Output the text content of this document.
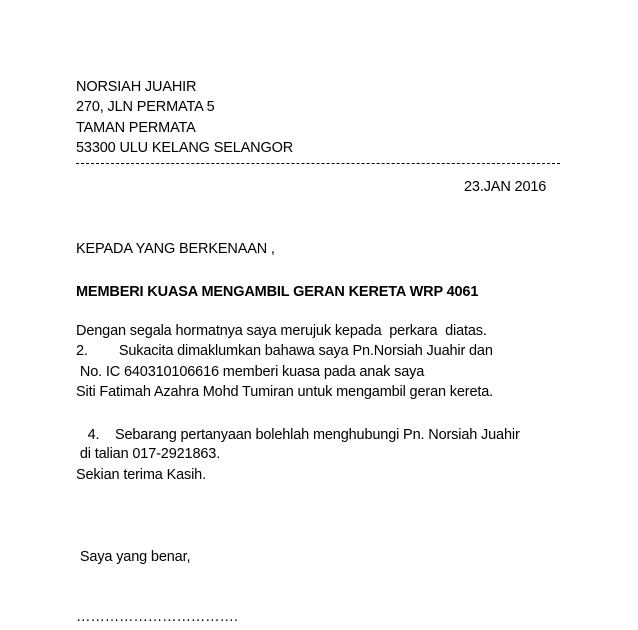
NORSIAH JUAHIR
270, JLN PERMATA 5
TAMAN PERMATA
53300 ULU KELANG SELANGOR
23.JAN 2016
KEPADA YANG BERKENAAN ,
MEMBERI KUASA MENGAMBIL GERAN KERETA WRP 4061
Dengan segala hormatnya saya merujuk kepada  perkara  diatas.
2.        Sukacita dimaklumkan bahawa saya Pn.Norsiah Juahir dan
No. IC 640310106616 memberi kuasa pada anak saya
Siti Fatimah Azahra Mohd Tumiran untuk mengambil geran kereta.
4.    Sebarang pertanyaan bolehlah menghubungi Pn. Norsiah Juahir
di talian 017-2921863.
Sekian terima Kasih.
Saya yang benar,
…………………………….
